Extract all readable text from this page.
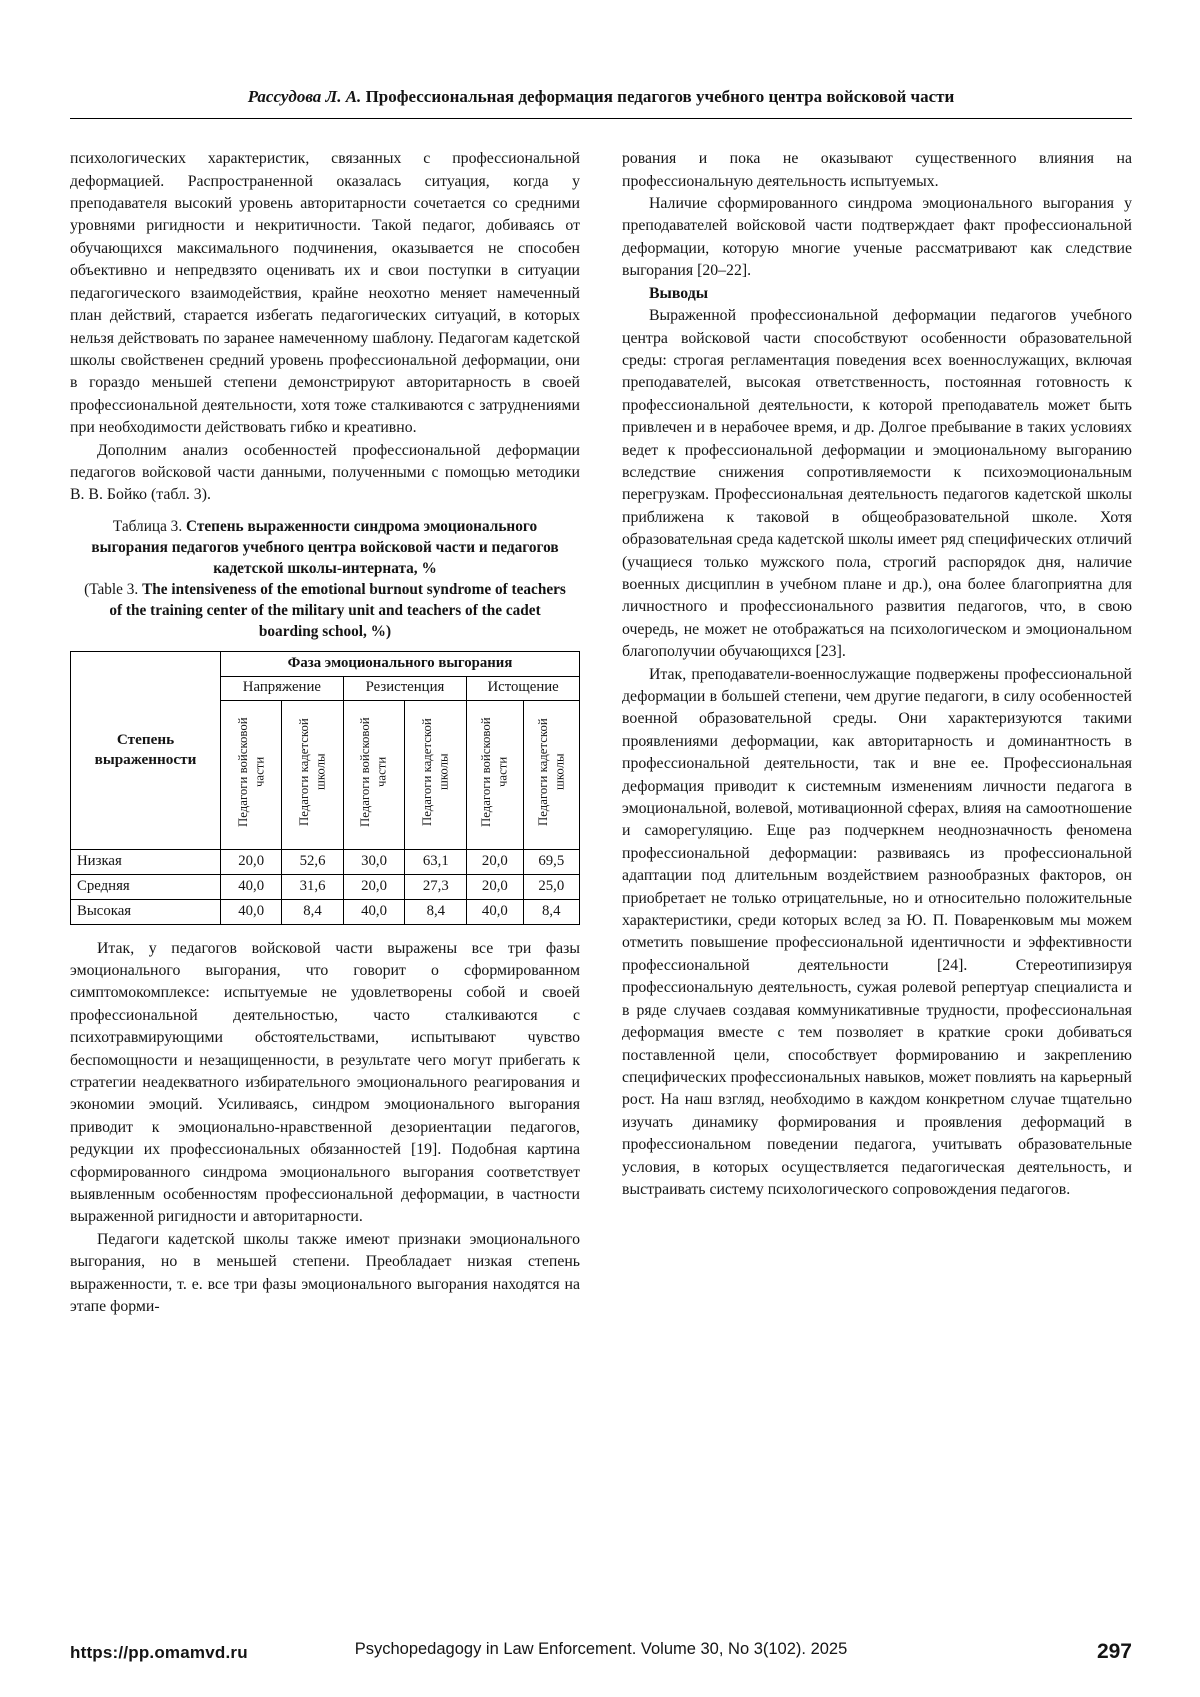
Рассудова Л. А. Профессиональная деформация педагогов учебного центра войсковой части

психологических характеристик, связанных с профессиональной деформацией. Распространенной оказалась ситуация, когда у преподавателя высокий уровень авторитарности сочетается со средними уровнями ригидности и некритичности. Такой педагог, добиваясь от обучающихся максимального подчинения, оказывается не способен объективно и непредвзято оценивать их и свои поступки в ситуации педагогического взаимодействия, крайне неохотно меняет намеченный план действий, старается избегать педагогических ситуаций, в которых нельзя действовать по заранее намеченному шаблону. Педагогам кадетской школы свойственен средний уровень профессиональной деформации, они в гораздо меньшей степени демонстрируют авторитарность в своей профессиональной деятельности, хотя тоже сталкиваются с затруднениями при необходимости действовать гибко и креативно.

Дополним анализ особенностей профессиональной деформации педагогов войсковой части данными, полученными с помощью методики В. В. Бойко (табл. 3).

Таблица 3. Степень выраженности синдрома эмоционального выгорания педагогов учебного центра войсковой части и педагогов кадетской школы-интерната, %

(Table 3. The intensiveness of the emotional burnout syndrome of teachers of the training center of the military unit and teachers of the cadet boarding school, %)

Степень выраженности	Фаза эмоционального выгорания					
	Напряжение		Резистенция		Истощение	
	Педагоги войсковой части	Педагоги кадетской школы	Педагоги войсковой части	Педагоги кадетской школы	Педагоги войсковой части	Педагоги кадетской школы
Низкая	20,0	52,6	30,0	63,1	20,0	69,5
Средняя	40,0	31,6	20,0	27,3	20,0	25,0
Высокая	40,0	8,4	40,0	8,4	40,0	8,4

Итак, у педагогов войсковой части выражены все три фазы эмоционального выгорания, что говорит о сформированном симптомокомплексе: испытуемые не удовлетворены собой и своей профессиональной деятельностью, часто сталкиваются с психотравмирующими обстоятельствами, испытывают чувство беспомощности и незащищенности, в результате чего могут прибегать к стратегии неадекватного избирательного эмоционального реагирования и экономии эмоций. Усиливаясь, синдром эмоционального выгорания приводит к эмоционально-нравственной дезориентации педагогов, редукции их профессиональных обязанностей [19]. Подобная картина сформированного синдрома эмоционального выгорания соответствует выявленным особенностям профессиональной деформации, в частности выраженной ригидности и авторитарности.

Педагоги кадетской школы также имеют признаки эмоционального выгорания, но в меньшей степени. Преобладает низкая степень выраженности, т. е. все три фазы эмоционального выгорания находятся на этапе форми-

рования и пока не оказывают существенного влияния на профессиональную деятельность испытуемых.

Наличие сформированного синдрома эмоционального выгорания у преподавателей войсковой части подтверждает факт профессиональной деформации, которую многие ученые рассматривают как следствие выгорания [20–22].

Выводы

Выраженной профессиональной деформации педагогов учебного центра войсковой части способствуют особенности образовательной среды: строгая регламентация поведения всех военнослужащих, включая преподавателей, высокая ответственность, постоянная готовность к профессиональной деятельности, к которой преподаватель может быть привлечен и в нерабочее время, и др. Долгое пребывание в таких условиях ведет к профессиональной деформации и эмоциональному выгоранию вследствие снижения сопротивляемости к психоэмоциональным перегрузкам. Профессиональная деятельность педагогов кадетской школы приближена к таковой в общеобразовательной школе. Хотя образовательная среда кадетской школы имеет ряд специфических отличий (учащиеся только мужского пола, строгий распорядок дня, наличие военных дисциплин в учебном плане и др.), она более благоприятна для личностного и профессионального развития педагогов, что, в свою очередь, не может не отображаться на психологическом и эмоциональном благополучии обучающихся [23].

Итак, преподаватели-военнослужащие подвержены профессиональной деформации в большей степени, чем другие педагоги, в силу особенностей военной образовательной среды. Они характеризуются такими проявлениями деформации, как авторитарность и доминантность в профессиональной деятельности, так и вне ее. Профессиональная деформация приводит к системным изменениям личности педагога в эмоциональной, волевой, мотивационной сферах, влияя на самоотношение и саморегуляцию. Еще раз подчеркнем неоднозначность феномена профессиональной деформации: развиваясь из профессиональной адаптации под длительным воздействием разнообразных факторов, он приобретает не только отрицательные, но и относительно положительные характеристики, среди которых вслед за Ю. П. Поваренковым мы можем отметить повышение профессиональной идентичности и эффективности профессиональной деятельности [24]. Стереотипизируя профессиональную деятельность, сужая ролевой репертуар специалиста и в ряде случаев создавая коммуникативные трудности, профессиональная деформация вместе с тем позволяет в краткие сроки добиваться поставленной цели, способствует формированию и закреплению специфических профессиональных навыков, может повлиять на карьерный рост. На наш взгляд, необходимо в каждом конкретном случае тщательно изучать динамику формирования и проявления деформаций в профессиональном поведении педагога, учитывать образовательные условия, в которых осуществляется педагогическая деятельность, и выстраивать систему психологического сопровождения педагогов.

https://pp.omamvd.ru	Psychopedagogy in Law Enforcement. Volume 30, No 3(102). 2025	297
